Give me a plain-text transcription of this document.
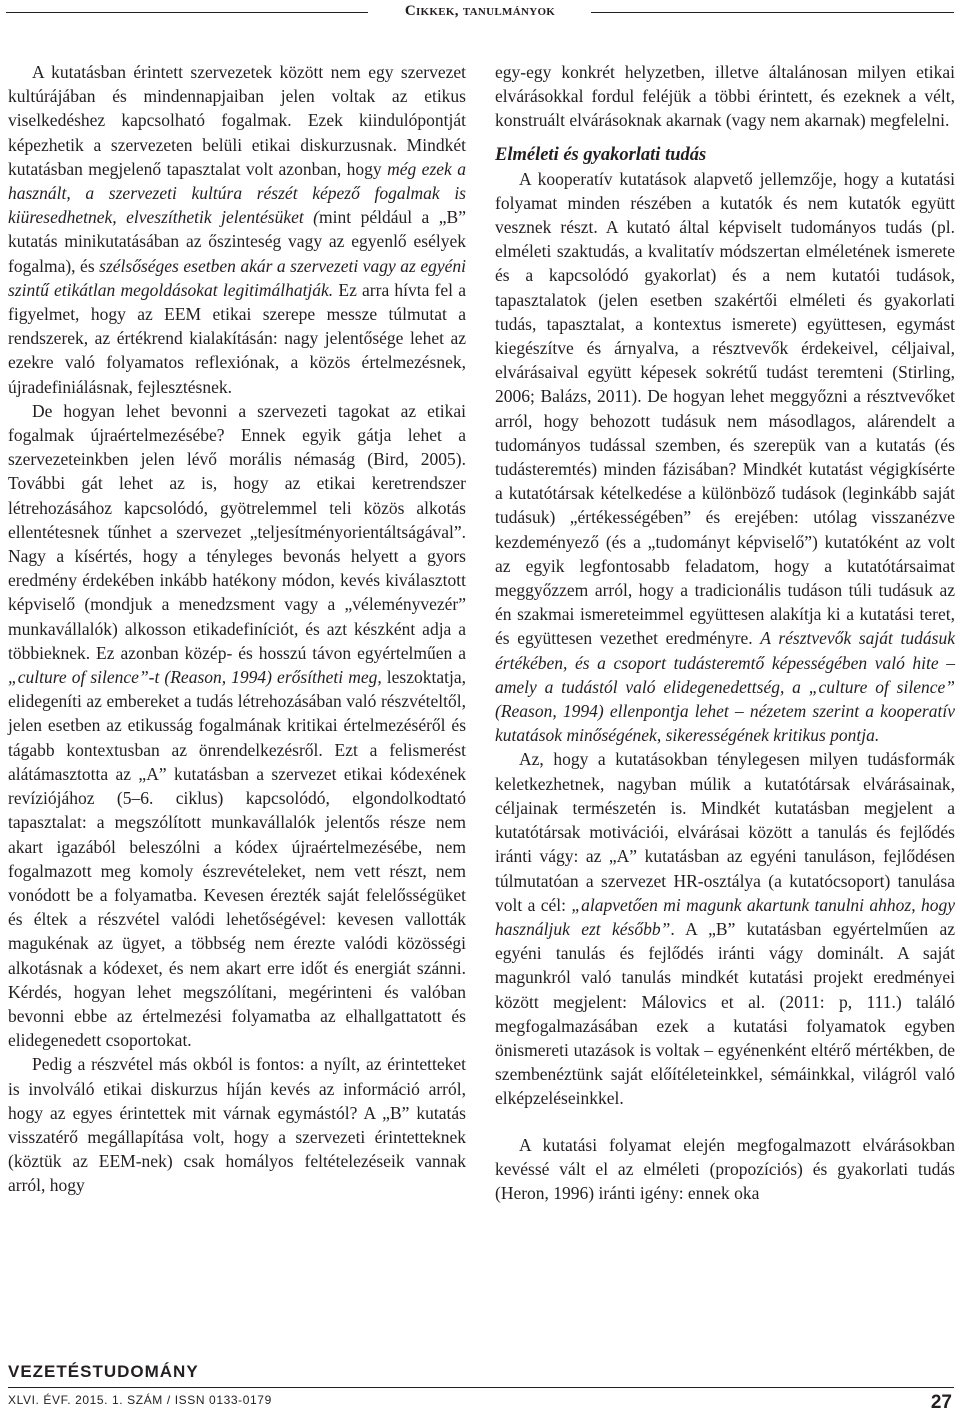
Cikkek, tanulmányok

A kutatásban érintett szervezetek között nem egy szervezet kultúrájában és mindennapjaiban jelen voltak az etikus viselkedéshez kapcsolható fogalmak. Ezek kiindulópontját képezhetik a szervezeten belüli etikai diskurzusnak. Mindkét kutatásban megjelenő tapasztalat volt azonban, hogy még ezek a használt, a szervezeti kultúra részét képező fogalmak is kiüresedhetnek, elveszíthetik jelentésüket (mint például a „B” kutatás minikutatásában az őszinteség vagy az egyenlő esélyek fogalma), és szélsőséges esetben akár a szervezeti vagy az egyéni szintű etikátlan megoldásokat legitimálhatják. Ez arra hívta fel a figyelmet, hogy az EEM etikai szerepe messze túlmutat a rendszerek, az értékrend kialakításán: nagy jelentősége lehet az ezekre való folyamatos reflexiónak, a közös értelmezésnek, újradefiniálásnak, fejlesztésnek.

De hogyan lehet bevonni a szervezeti tagokat az etikai fogalmak újraértelmezésébe? Ennek egyik gátja lehet a szervezeteinkben jelen lévő morális némaság (Bird, 2005). További gát lehet az is, hogy az etikai keretrendszer létrehozásához kapcsolódó, gyötrelemmel teli közös alkotás ellentétesnek tűnhet a szervezet „teljesítményorientáltságával”. Nagy a kísértés, hogy a tényleges bevonás helyett a gyors eredmény érdekében inkább hatékony módon, kevés kiválasztott képviselő (mondjuk a menedzsment vagy a „véleményvezér” munkavállalók) alkosson etikadefiníciót, és azt készként adja a többieknek. Ez azonban közép- és hosszú távon egyértelműen a „culture of silence”-t (Reason, 1994) erősítheti meg, leszoktatja, elidegeníti az embereket a tudás létrehozásában való részvételtől, jelen esetben az etikusság fogalmának kritikai értelmezéséről és tágabb kontextusban az önrendelkezésről. Ezt a felismerést alátámasztotta az „A” kutatásban a szervezet etikai kódexének revíziójához (5–6. ciklus) kapcsolódó, elgondolkodtató tapasztalat: a megszólított munkavállalók jelentős része nem akart igazából beleszólni a kódex újraértelmezésébe, nem fogalmazott meg komoly észrevételeket, nem vett részt, nem vonódott be a folyamatba. Kevesen érezték saját felelősségüket és éltek a részvétel valódi lehetőségével: kevesen vallották magukénak az ügyet, a többség nem érezte valódi közösségi alkotásnak a kódexet, és nem akart erre időt és energiát szánni. Kérdés, hogyan lehet megszólítani, megérinteni és valóban bevonni ebbe az értelmezési folyamatba az elhallgattatott és elidegenedett csoportokat.

Pedig a részvétel más okból is fontos: a nyílt, az érintetteket is involváló etikai diskurzus híján kevés az információ arról, hogy az egyes érintettek mit várnak egymástól? A „B” kutatás visszatérő megállapítása volt, hogy a szervezeti érintetteknek (köztük az EEM-nek) csak homályos feltételezéseik vannak arról, hogy

egy-egy konkrét helyzetben, illetve általánosan milyen etikai elvárásokkal fordul feléjük a többi érintett, és ezeknek a vélt, konstruált elvárásoknak akarnak (vagy nem akarnak) megfelelni.

Elméleti és gyakorlati tudás

A kooperatív kutatások alapvető jellemzője, hogy a kutatási folyamat minden részében a kutatók és nem kutatók együtt vesznek részt. A kutató által képviselt tudományos tudás (pl. elméleti szaktudás, a kvalitatív módszertan elméletének ismerete és a kapcsolódó gyakorlat) és a nem kutatói tudások, tapasztalatok (jelen esetben szakértői elméleti és gyakorlati tudás, tapasztalat, a kontextus ismerete) együttesen, egymást kiegészítve és árnyalva, a résztvevők érdekeivel, céljaival, elvárásaival együtt képesek sokrétű tudást teremteni (Stirling, 2006; Balázs, 2011). De hogyan lehet meggyőzni a résztvevőket arról, hogy behozott tudásuk nem másodlagos, alárendelt a tudományos tudással szemben, és szerepük van a kutatás (és tudásteremtés) minden fázisában? Mindkét kutatást végigkísérte a kutatótársak kételkedése a különböző tudások (leginkább saját tudásuk) „értékességében” és erejében: utólag visszanézve kezdeményező (és a „tudományt képviselő”) kutatóként az volt az egyik legfontosabb feladatom, hogy a kutatótársaimat meggyőzzem arról, hogy a tradicionális tudáson túli tudásuk az én szakmai ismereteimmel együttesen alakítja ki a kutatási teret, és együttesen vezethet eredményre. A résztvevők saját tudásuk értékében, és a csoport tudásteremtő képességében való hite – amely a tudástól való elidegenedettség, a „culture of silence” (Reason, 1994) ellenpontja lehet – nézetem szerint a kooperatív kutatások minőségének, sikerességének kritikus pontja.

Az, hogy a kutatásokban ténylegesen milyen tudásformák keletkezhetnek, nagyban múlik a kutatótársak elvárásainak, céljainak természetén is. Mindkét kutatásban megjelent a kutatótársak motivációi, elvárásai között a tanulás és fejlődés iránti vágy: az „A” kutatásban az egyéni tanuláson, fejlődésen túlmutatóan a szervezet HR-osztálya (a kutatócsoport) tanulása volt a cél: „alapvetően mi magunk akartunk tanulni ahhoz, hogy használjuk ezt később”. A „B” kutatásban egyértelműen az egyéni tanulás és fejlődés iránti vágy dominált. A saját magunkról való tanulás mindkét kutatási projekt eredményei között megjelent: Málovics et al. (2011: p, 111.) találó megfogalmazásában ezek a kutatási folyamatok egyben önismereti utazások is voltak – egyénenként eltérő mértékben, de szembenéztünk saját előítéleteinkkel, sémáinkkal, világról való elképzeléseinkkel.

A kutatási folyamat elején megfogalmazott elvárásokban kevéssé vált el az elméleti (propozíciós) és gyakorlati tudás (Heron, 1996) iránti igény: ennek oka

VEZETÉSTUDOMÁNY
XLVI. ÉVF. 2015. 1. SZÁM / ISSN 0133-0179	27
